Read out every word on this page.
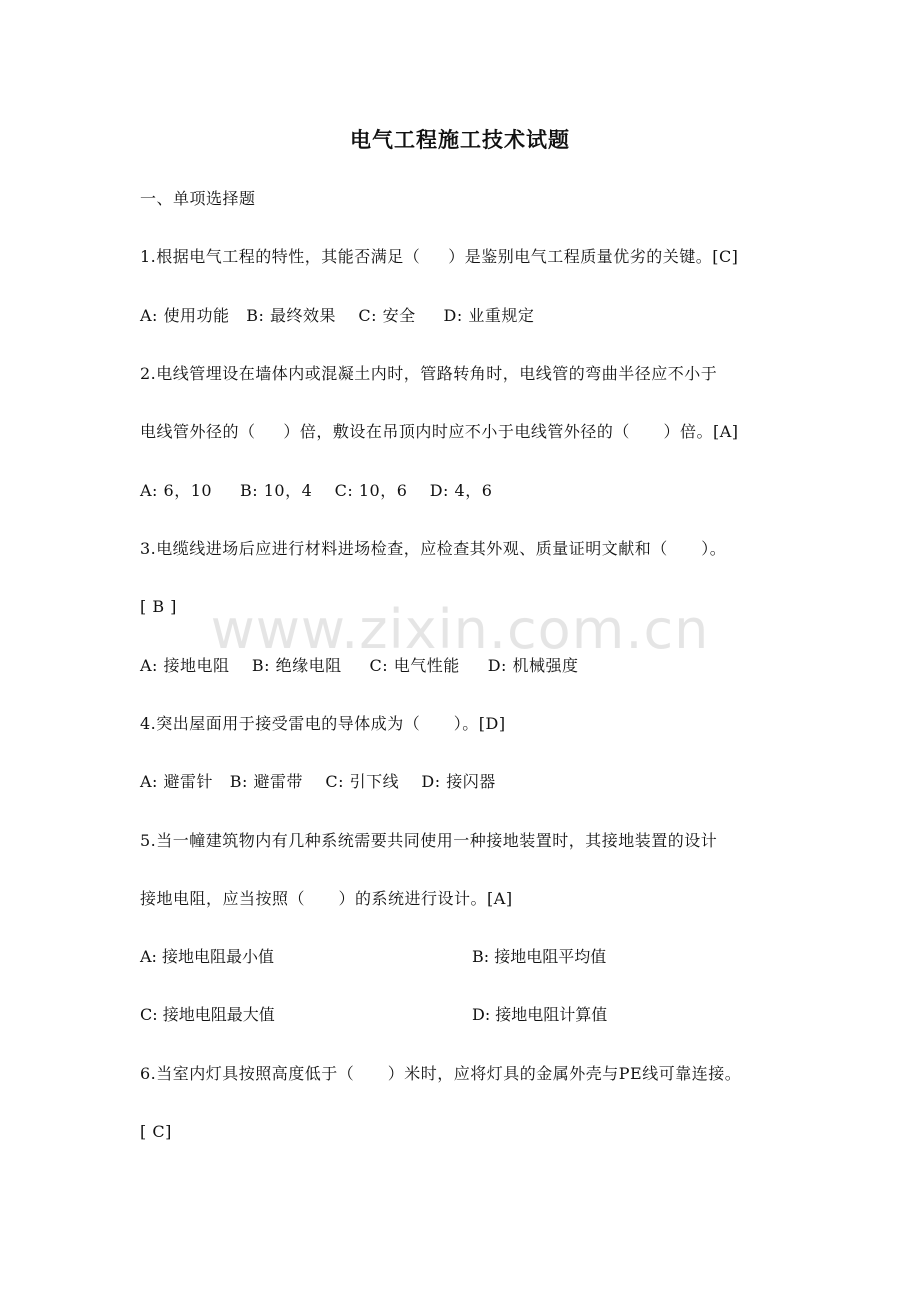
www.zixin.com.cn
电气工程施工技术试题
一、单项选择题
1.根据电气工程的特性，其能否满足（     ）是鉴别电气工程质量优劣的关键。[C]
A: 使用功能   B: 最终效果    C: 安全     D: 业重规定
2.电线管埋设在墙体内或混凝土内时，管路转角时，电线管的弯曲半径应不小于
电线管外径的（     ）倍，敷设在吊顶内时应不小于电线管外径的（      ）倍。[A]
A: 6，10     B: 10，4    C: 10，6    D: 4，6
3.电缆线进场后应进行材料进场检查，应检查其外观、质量证明文献和（      ）。
[ B ]
A: 接地电阻    B: 绝缘电阻     C: 电气性能     D: 机械强度
4.突出屋面用于接受雷电的导体成为（      ）。[D]
A: 避雷针   B: 避雷带    C: 引下线    D: 接闪器
5.当一幢建筑物内有几种系统需要共同使用一种接地装置时，其接地装置的设计
接地电阻，应当按照（      ）的系统进行设计。[A]
A: 接地电阻最小值	B: 接地电阻平均值
C: 接地电阻最大值	D: 接地电阻计算值
6.当室内灯具按照高度低于（      ）米时，应将灯具的金属外壳与PE线可靠连接。
[ C]
